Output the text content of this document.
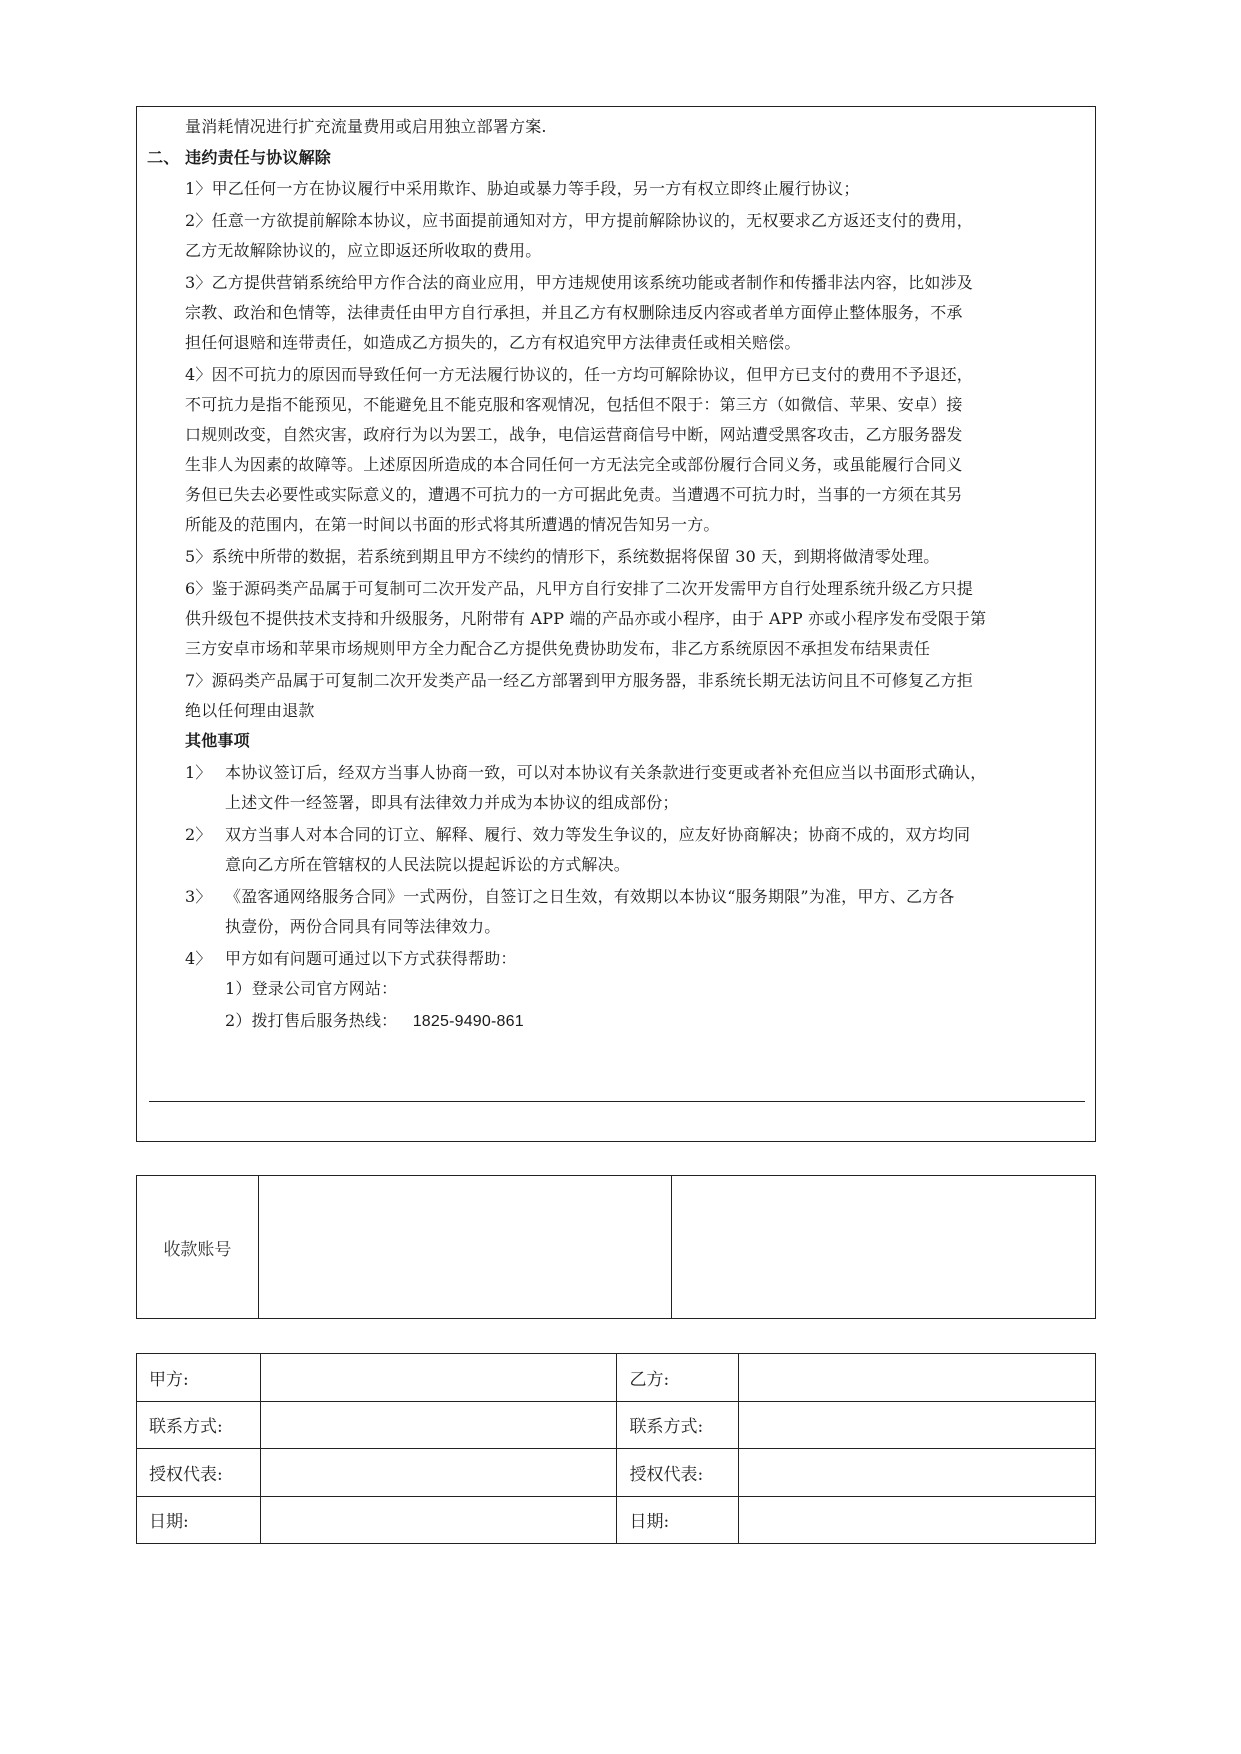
量消耗情况进行扩充流量费用或启用独立部署方案.
二、 违约责任与协议解除
1〉甲乙任何一方在协议履行中采用欺诈、胁迫或暴力等手段，另一方有权立即终止履行协议；
2〉任意一方欲提前解除本协议，应书面提前通知对方，甲方提前解除协议的，无权要求乙方返还支付的费用，
乙方无故解除协议的，应立即返还所收取的费用。
3〉乙方提供营销系统给甲方作合法的商业应用，甲方违规使用该系统功能或者制作和传播非法内容，比如涉及
宗教、政治和色情等，法律责任由甲方自行承担，并且乙方有权删除违反内容或者单方面停止整体服务，不承
担任何退赔和连带责任，如造成乙方损失的，乙方有权追究甲方法律责任或相关赔偿。
4〉因不可抗力的原因而导致任何一方无法履行协议的，任一方均可解除协议，但甲方已支付的费用不予退还，
不可抗力是指不能预见，不能避免且不能克服和客观情况，包括但不限于：第三方（如微信、苹果、安卓）接
口规则改变，自然灾害，政府行为以为罢工，战争，电信运营商信号中断，网站遭受黑客攻击，乙方服务器发
生非人为因素的故障等。上述原因所造成的本合同任何一方无法完全或部份履行合同义务，或虽能履行合同义
务但已失去必要性或实际意义的，遭遇不可抗力的一方可据此免责。当遭遇不可抗力时，当事的一方须在其另
所能及的范围内，在第一时间以书面的形式将其所遭遇的情况告知另一方。
5〉系统中所带的数据，若系统到期且甲方不续约的情形下，系统数据将保留 30 天，到期将做清零处理。
6〉鉴于源码类产品属于可复制可二次开发产品，凡甲方自行安排了二次开发需甲方自行处理系统升级乙方只提
供升级包不提供技术支持和升级服务，凡附带有 APP 端的产品亦或小程序，由于 APP 亦或小程序发布受限于第
三方安卓市场和苹果市场规则甲方全力配合乙方提供免费协助发布，非乙方系统原因不承担发布结果责任
7〉源码类产品属于可复制二次开发类产品一经乙方部署到甲方服务器，非系统长期无法访问且不可修复乙方拒
绝以任何理由退款
其他事项
1〉 本协议签订后，经双方当事人协商一致，可以对本协议有关条款进行变更或者补充但应当以书面形式确认，
上述文件一经签署，即具有法律效力并成为本协议的组成部份；
2〉 双方当事人对本合同的订立、解释、履行、效力等发生争议的，应友好协商解决；协商不成的，双方均同
意向乙方所在管辖权的人民法院以提起诉讼的方式解决。
3〉 《盈客通网络服务合同》一式两份，自签订之日生效，有效期以本协议“服务期限”为准，甲方、乙方各
执壹份，两份合同具有同等法律效力。
4〉 甲方如有问题可通过以下方式获得帮助：
1）登录公司官方网站：
2）拨打售后服务热线： 1825-9490-861
收款账号		
甲方:		乙方:	
联系方式:		联系方式:	
授权代表:		授权代表:	
日期:		日期:	
